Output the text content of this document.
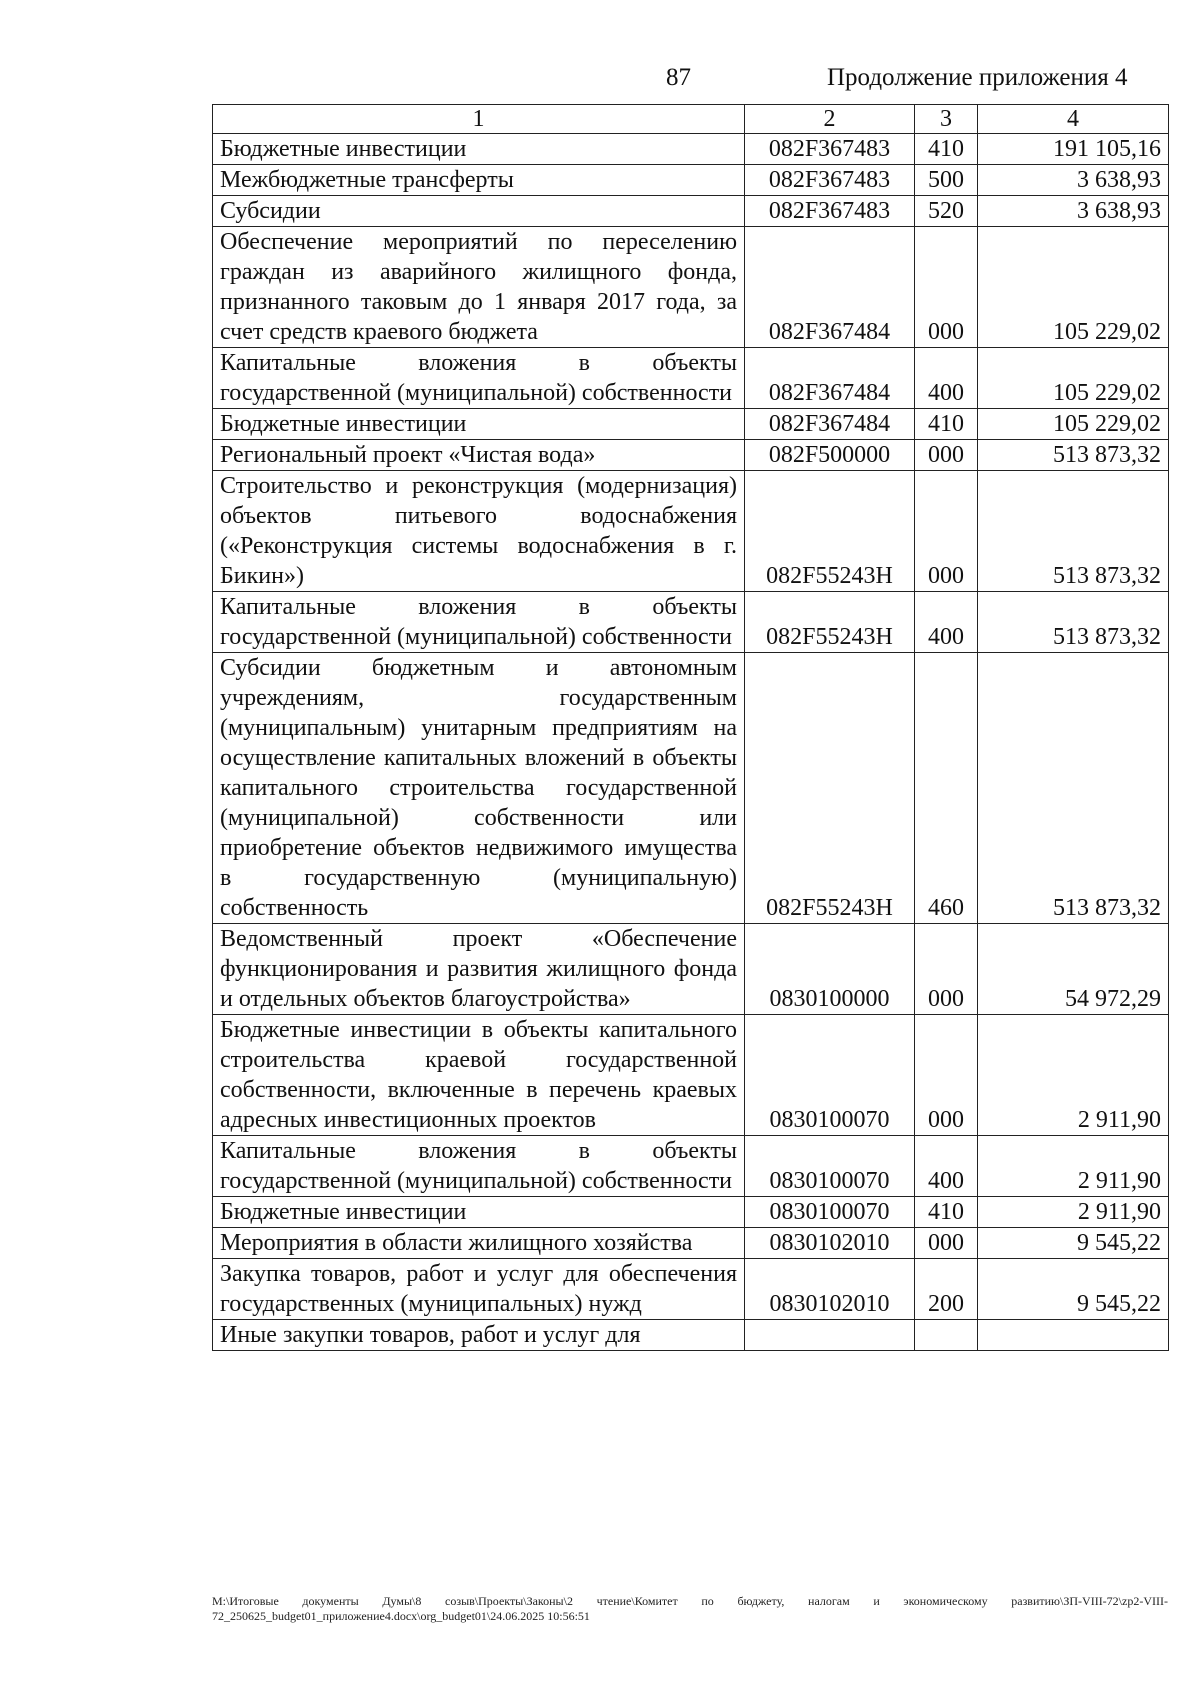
87	Продолжение приложения 4
1	2	3	4
Бюджетные инвестиции	082F367483	410	191 105,16
Межбюджетные трансферты	082F367483	500	3 638,93
Субсидии	082F367483	520	3 638,93
Обеспечение мероприятий по переселению граждан из аварийного жилищного фонда, признанного таковым до 1 января 2017 года, за счет средств краевого бюджета	082F367484	000	105 229,02
Капитальные вложения в объекты государственной (муниципальной) собственности	082F367484	400	105 229,02
Бюджетные инвестиции	082F367484	410	105 229,02
Региональный проект «Чистая вода»	082F500000	000	513 873,32
Строительство и реконструкция (модернизация) объектов питьевого водоснабжения («Реконструкция системы водоснабжения в г. Бикин»)	082F55243H	000	513 873,32
Капитальные вложения в объекты государственной (муниципальной) собственности	082F55243H	400	513 873,32
Субсидии бюджетным и автономным учреждениям, государственным (муниципальным) унитарным предприятиям на осуществление капитальных вложений в объекты капитального строительства государственной (муниципальной) собственности или приобретение объектов недвижимого имущества в государственную (муниципальную) собственность	082F55243H	460	513 873,32
Ведомственный проект «Обеспечение функционирования и развития жилищного фонда и отдельных объектов благоустройства»	0830100000	000	54 972,29
Бюджетные инвестиции в объекты капитального строительства краевой государственной собственности, включенные в перечень краевых адресных инвестиционных проектов	0830100070	000	2 911,90
Капитальные вложения в объекты государственной (муниципальной) собственности	0830100070	400	2 911,90
Бюджетные инвестиции	0830100070	410	2 911,90
Мероприятия в области жилищного хозяйства	0830102010	000	9 545,22
Закупка товаров, работ и услуг для обеспечения государственных (муниципальных) нужд	0830102010	200	9 545,22
Иные закупки товаров, работ и услуг для			
M:\Итоговые документы Думы\8 созыв\Проекты\Законы\2 чтение\Комитет по бюджету, налогам и экономическому развитию\ЗП-VIII-72\zp2-VIII-72_250625_budget01_приложение4.docx\org_budget01\24.06.2025 10:56:51
